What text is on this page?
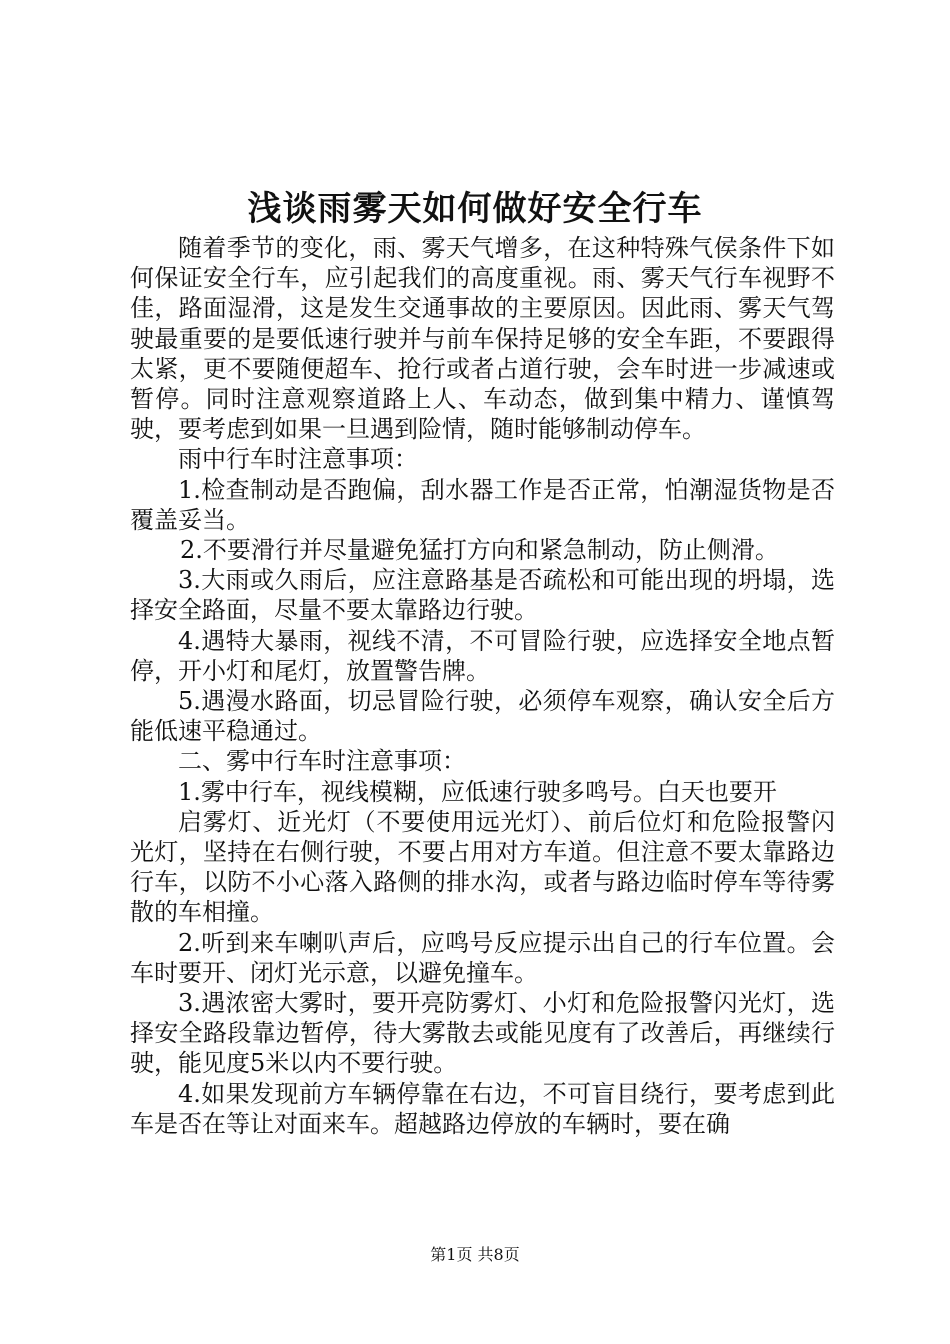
浅谈雨雾天如何做好安全行车

随着季节的变化，雨、雾天气增多，在这种特殊气侯条件下如何保证安全行车，应引起我们的高度重视。雨、雾天气行车视野不佳，路面湿滑，这是发生交通事故的主要原因。因此雨、雾天气驾驶最重要的是要低速行驶并与前车保持足够的安全车距，不要跟得太紧，更不要随便超车、抢行或者占道行驶，会车时进一步减速或暂停。同时注意观察道路上人、车动态，做到集中精力、谨慎驾驶，要考虑到如果一旦遇到险情，随时能够制动停车。

雨中行车时注意事项：

1.检查制动是否跑偏，刮水器工作是否正常，怕潮湿货物是否覆盖妥当。

2.不要滑行并尽量避免猛打方向和紧急制动，防止侧滑。

3.大雨或久雨后，应注意路基是否疏松和可能出现的坍塌，选择安全路面，尽量不要太靠路边行驶。

4.遇特大暴雨，视线不清，不可冒险行驶，应选择安全地点暂停，开小灯和尾灯，放置警告牌。

5.遇漫水路面，切忌冒险行驶，必须停车观察，确认安全后方能低速平稳通过。

二、雾中行车时注意事项：

1.雾中行车，视线模糊，应低速行驶多鸣号。白天也要开

启雾灯、近光灯（不要使用远光灯）、前后位灯和危险报警闪光灯，坚持在右侧行驶，不要占用对方车道。但注意不要太靠路边行车，以防不小心落入路侧的排水沟，或者与路边临时停车等待雾散的车相撞。

2.听到来车喇叭声后，应鸣号反应提示出自己的行车位置。会车时要开、闭灯光示意，以避免撞车。

3.遇浓密大雾时，要开亮防雾灯、小灯和危险报警闪光灯，选择安全路段靠边暂停，待大雾散去或能见度有了改善后，再继续行驶，能见度5米以内不要行驶。

4.如果发现前方车辆停靠在右边，不可盲目绕行，要考虑到此车是否在等让对面来车。超越路边停放的车辆时，要在确

第1页 共8页
